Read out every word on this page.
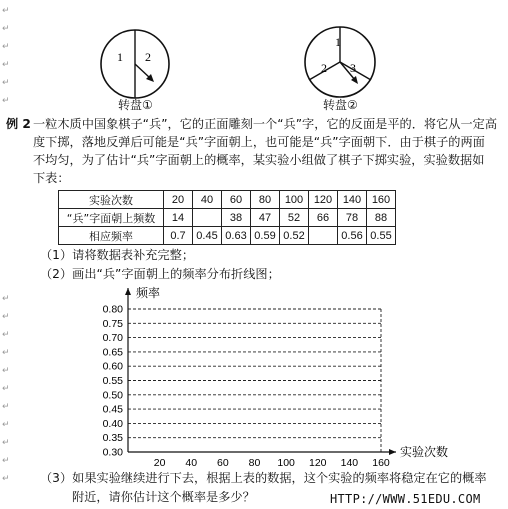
↵
↵
↵
↵
↵
↵
↵
↵
↵
↵
↵
↵
↵
↵
↵
↵
↵
1 2
转盘①
1
2 3
转盘②
例 2 一粒木质中国象棋子“兵”，它的正面雕刻一个“兵”字，它的反面是平的．将它从一定高
度下掷，落地反弹后可能是“兵”字面朝上，也可能是“兵”字面朝下．由于棋子的两面
不均匀，为了估计“兵”字面朝上的概率，某实验小组做了棋子下掷实验，实验数据如
下表：
实验次数	20	40	60	80	100	120	140	160
“兵”字面朝上频数	14		38	47	52	66	78	88
相应频率	0.7	0.45	0.63	0.59	0.52		0.56	0.55
（1）请将数据表补充完整；
（2）画出“兵”字面朝上的频率分布折线图；
0.30
0.35
0.40
0.45
0.50
0.55
0.60
0.65
0.70
0.75
0.80
20 40 60 80 100 120 140 160
频率
实验次数
（3）如果实验继续进行下去，根据上表的数据，这个实验的频率将稳定在它的概率
附近，请你估计这个概率是多少？	HTTP://WWW.51EDU.COM
